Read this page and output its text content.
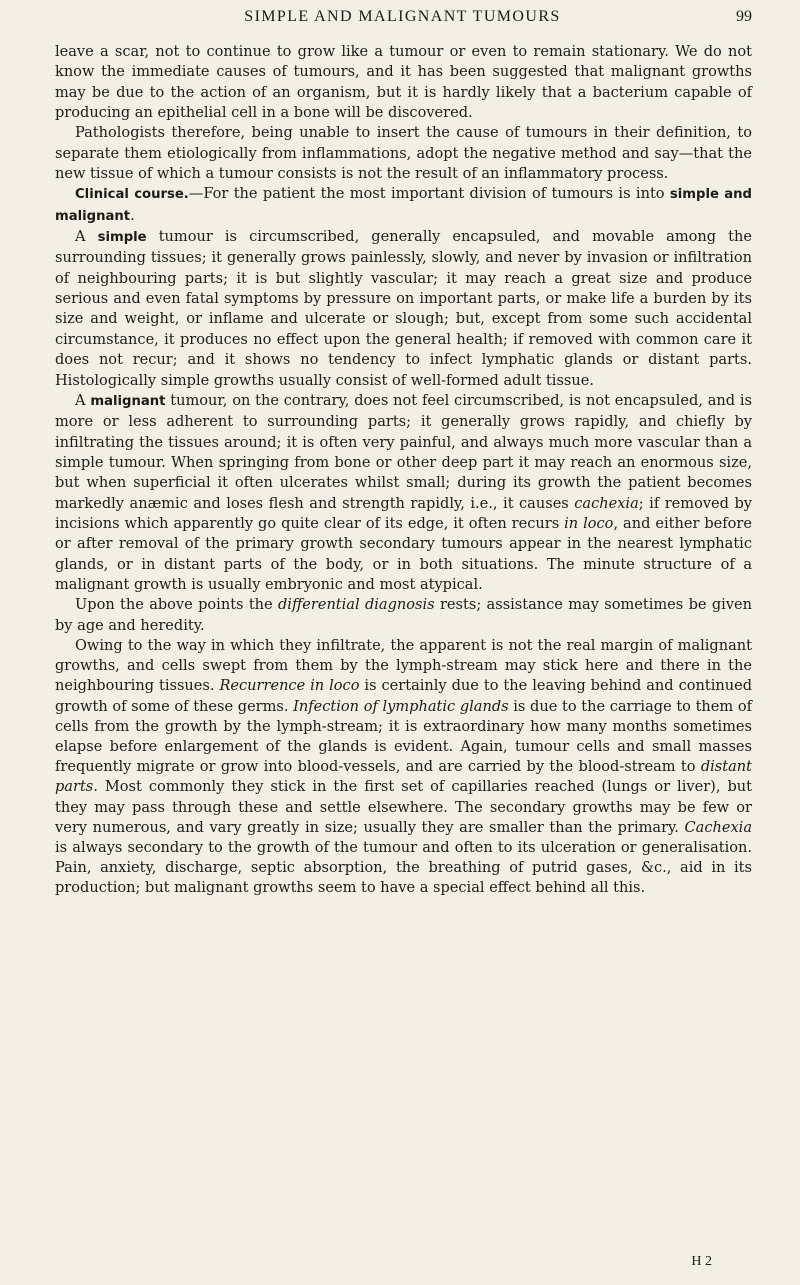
SIMPLE AND MALIGNANT TUMOURS	99

leave a scar, not to continue to grow like a tumour or even to remain stationary. We do not know the immediate causes of tumours, and it has been suggested that malignant growths may be due to the action of an organism, but it is hardly likely that a bacterium capable of producing an epithelial cell in a bone will be discovered.

Pathologists therefore, being unable to insert the cause of tumours in their definition, to separate them etiologically from inflammations, adopt the negative method and say—that the new tissue of which a tumour consists is not the result of an inflammatory process.

Clinical course.—For the patient the most important division of tumours is into simple and malignant.

A simple tumour is circumscribed, generally encapsuled, and movable among the surrounding tissues; it generally grows painlessly, slowly, and never by invasion or infiltration of neighbouring parts; it is but slightly vascular; it may reach a great size and produce serious and even fatal symptoms by pressure on important parts, or make life a burden by its size and weight, or inflame and ulcerate or slough; but, except from some such accidental circumstance, it produces no effect upon the general health; if removed with common care it does not recur; and it shows no tendency to infect lymphatic glands or distant parts. Histologically simple growths usually consist of well-formed adult tissue.

A malignant tumour, on the contrary, does not feel circumscribed, is not encapsuled, and is more or less adherent to surrounding parts; it generally grows rapidly, and chiefly by infiltrating the tissues around; it is often very painful, and always much more vascular than a simple tumour. When springing from bone or other deep part it may reach an enormous size, but when superficial it often ulcerates whilst small; during its growth the patient becomes markedly anæmic and loses flesh and strength rapidly, i.e., it causes cachexia; if removed by incisions which apparently go quite clear of its edge, it often recurs in loco, and either before or after removal of the primary growth secondary tumours appear in the nearest lymphatic glands, or in distant parts of the body, or in both situations. The minute structure of a malignant growth is usually embryonic and most atypical.

Upon the above points the differential diagnosis rests; assistance may sometimes be given by age and heredity.

Owing to the way in which they infiltrate, the apparent is not the real margin of malignant growths, and cells swept from them by the lymph-stream may stick here and there in the neighbouring tissues. Recurrence in loco is certainly due to the leaving behind and continued growth of some of these germs. Infection of lymphatic glands is due to the carriage to them of cells from the growth by the lymph-stream; it is extraordinary how many months sometimes elapse before enlargement of the glands is evident. Again, tumour cells and small masses frequently migrate or grow into blood-vessels, and are carried by the blood-stream to distant parts. Most commonly they stick in the first set of capillaries reached (lungs or liver), but they may pass through these and settle elsewhere. The secondary growths may be few or very numerous, and vary greatly in size; usually they are smaller than the primary. Cachexia is always secondary to the growth of the tumour and often to its ulceration or generalisation. Pain, anxiety, discharge, septic absorption, the breathing of putrid gases, &c., aid in its production; but malignant growths seem to have a special effect behind all this.

H 2
